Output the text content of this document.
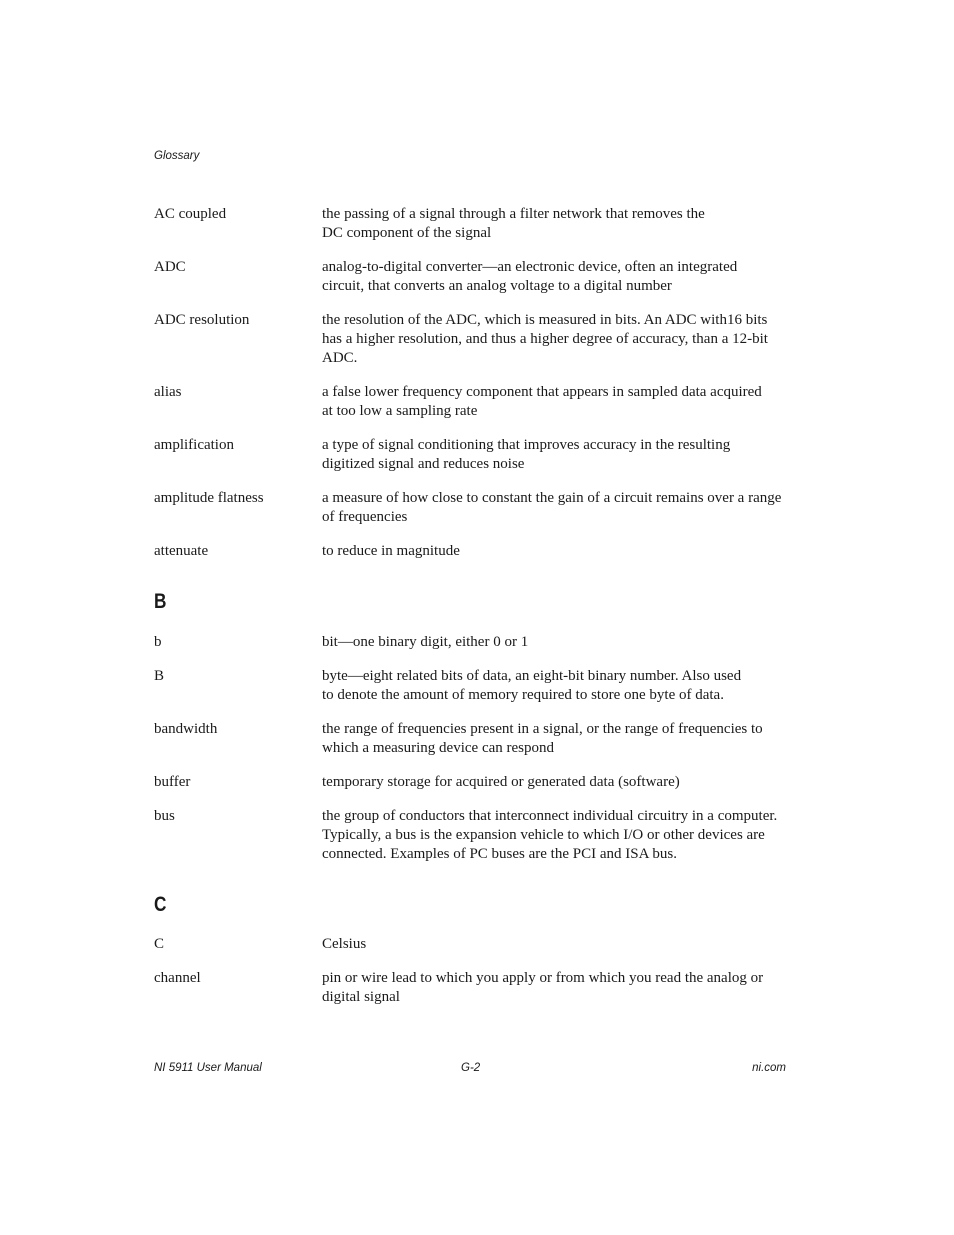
Glossary
AC coupled	the passing of a signal through a filter network that removes the
DC component of the signal
ADC	analog-to-digital converter—an electronic device, often an integrated
circuit, that converts an analog voltage to a digital number
ADC resolution	the resolution of the ADC, which is measured in bits. An ADC with16 bits
has a higher resolution, and thus a higher degree of accuracy, than a 12-bit
ADC.
alias	a false lower frequency component that appears in sampled data acquired
at too low a sampling rate
amplification	a type of signal conditioning that improves accuracy in the resulting
digitized signal and reduces noise
amplitude flatness	a measure of how close to constant the gain of a circuit remains over a range
of frequencies
attenuate	to reduce in magnitude
b	bit—one binary digit, either 0 or 1
B	byte—eight related bits of data, an eight-bit binary number. Also used
to denote the amount of memory required to store one byte of data.
bandwidth	the range of frequencies present in a signal, or the range of frequencies to
which a measuring device can respond
buffer	temporary storage for acquired or generated data (software)
bus	the group of conductors that interconnect individual circuitry in a computer.
Typically, a bus is the expansion vehicle to which I/O or other devices are
connected. Examples of PC buses are the PCI and ISA bus.
C	Celsius
channel	pin or wire lead to which you apply or from which you read the analog or
digital signal
B
C
NI 5911 User Manual	G-2	ni.com
